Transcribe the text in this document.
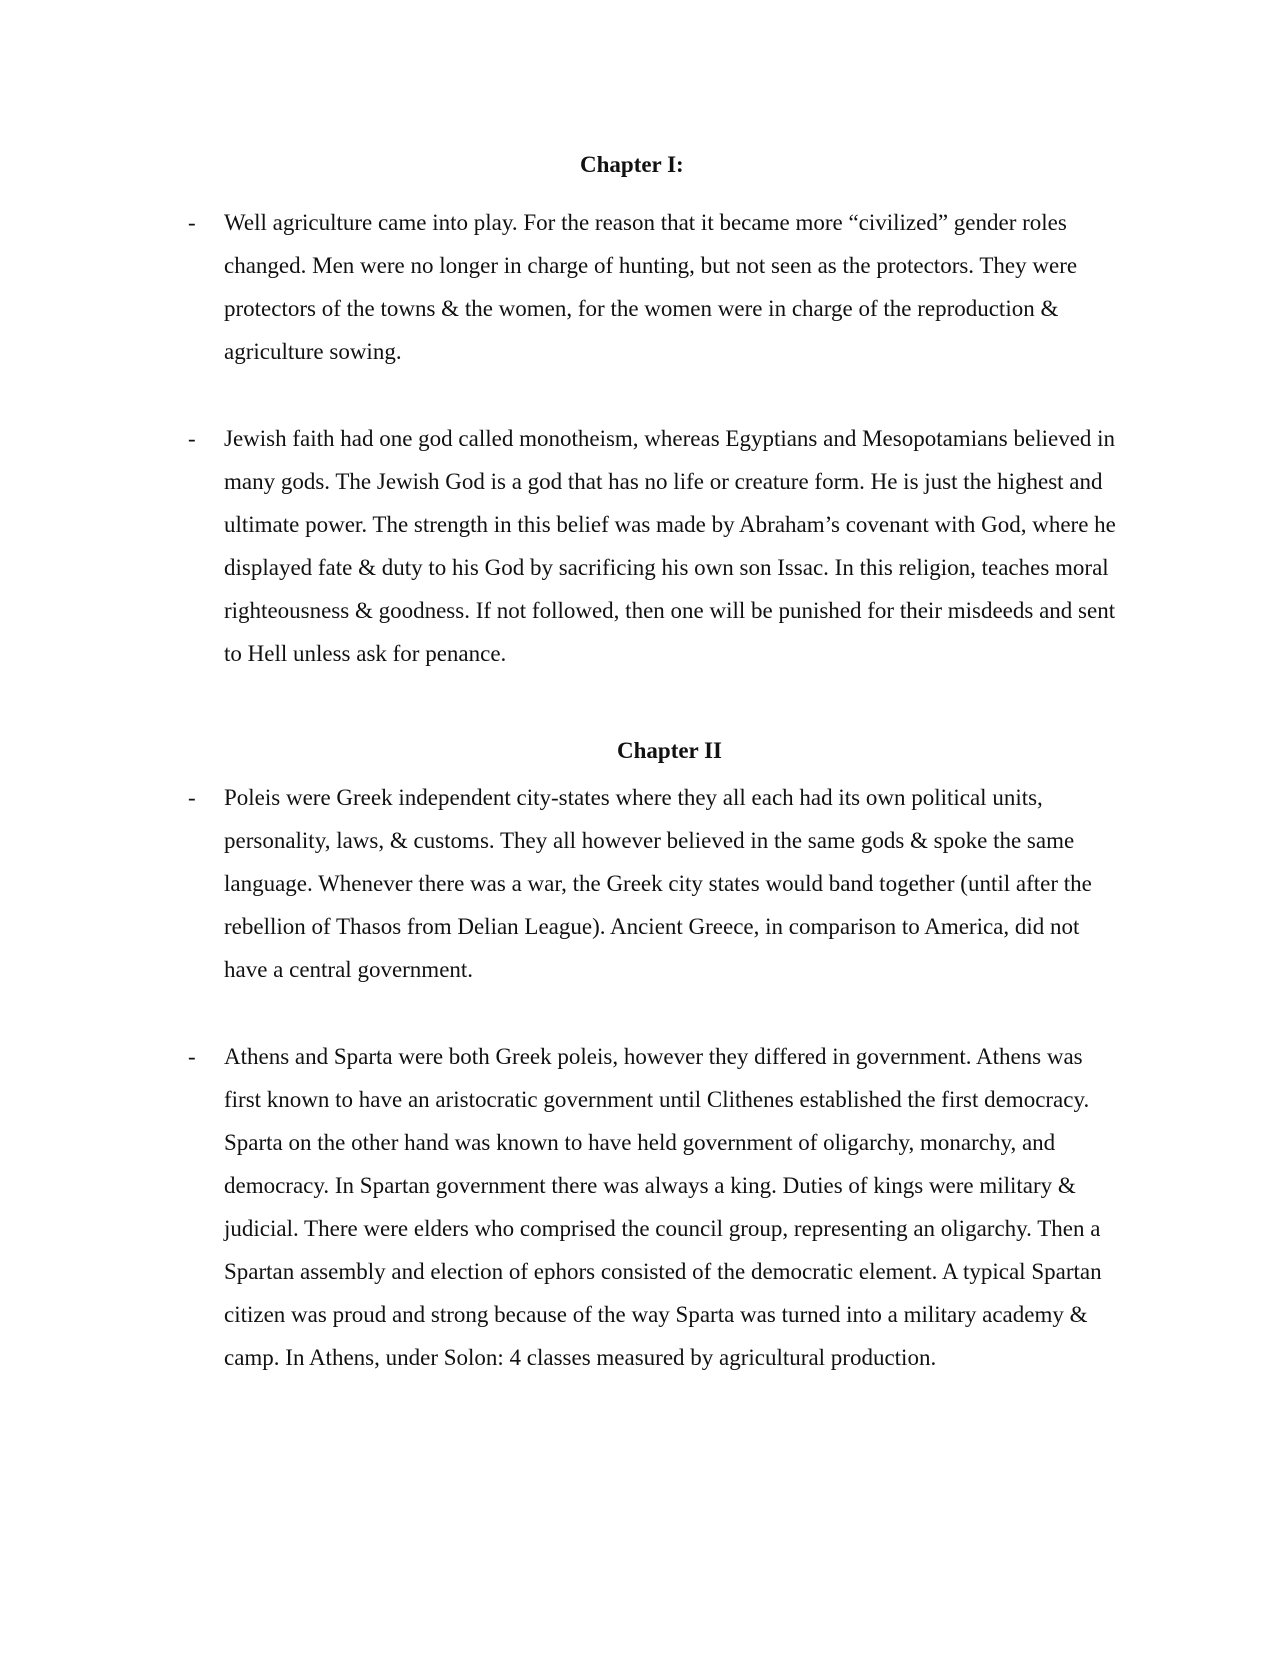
Chapter I:
- Well agriculture came into play. For the reason that it became more “civilized” gender roles changed. Men were no longer in charge of hunting, but not seen as the protectors. They were protectors of the towns & the women, for the women were in charge of the reproduction & agriculture sowing.

- Jewish faith had one god called monotheism, whereas Egyptians and Mesopotamians believed in many gods. The Jewish God is a god that has no life or creature form. He is just the highest and ultimate power. The strength in this belief was made by Abraham’s covenant with God, where he displayed fate & duty to his God by sacrificing his own son Issac. In this religion, teaches moral righteousness & goodness. If not followed, then one will be punished for their misdeeds and sent to Hell unless ask for penance.

Chapter II
- Poleis were Greek independent city-states where they all each had its own political units, personality, laws, & customs. They all however believed in the same gods & spoke the same language. Whenever there was a war, the Greek city states would band together (until after the rebellion of Thasos from Delian League). Ancient Greece, in comparison to America, did not have a central government.

- Athens and Sparta were both Greek poleis, however they differed in government. Athens was first known to have an aristocratic government until Clithenes established the first democracy. Sparta on the other hand was known to have held government of oligarchy, monarchy, and democracy. In Spartan government there was always a king. Duties of kings were military & judicial. There were elders who comprised the council group, representing an oligarchy. Then a Spartan assembly and election of ephors consisted of the democratic element. A typical Spartan citizen was proud and strong because of the way Sparta was turned into a military academy & camp. In Athens, under Solon: 4 classes measured by agricultural production.
